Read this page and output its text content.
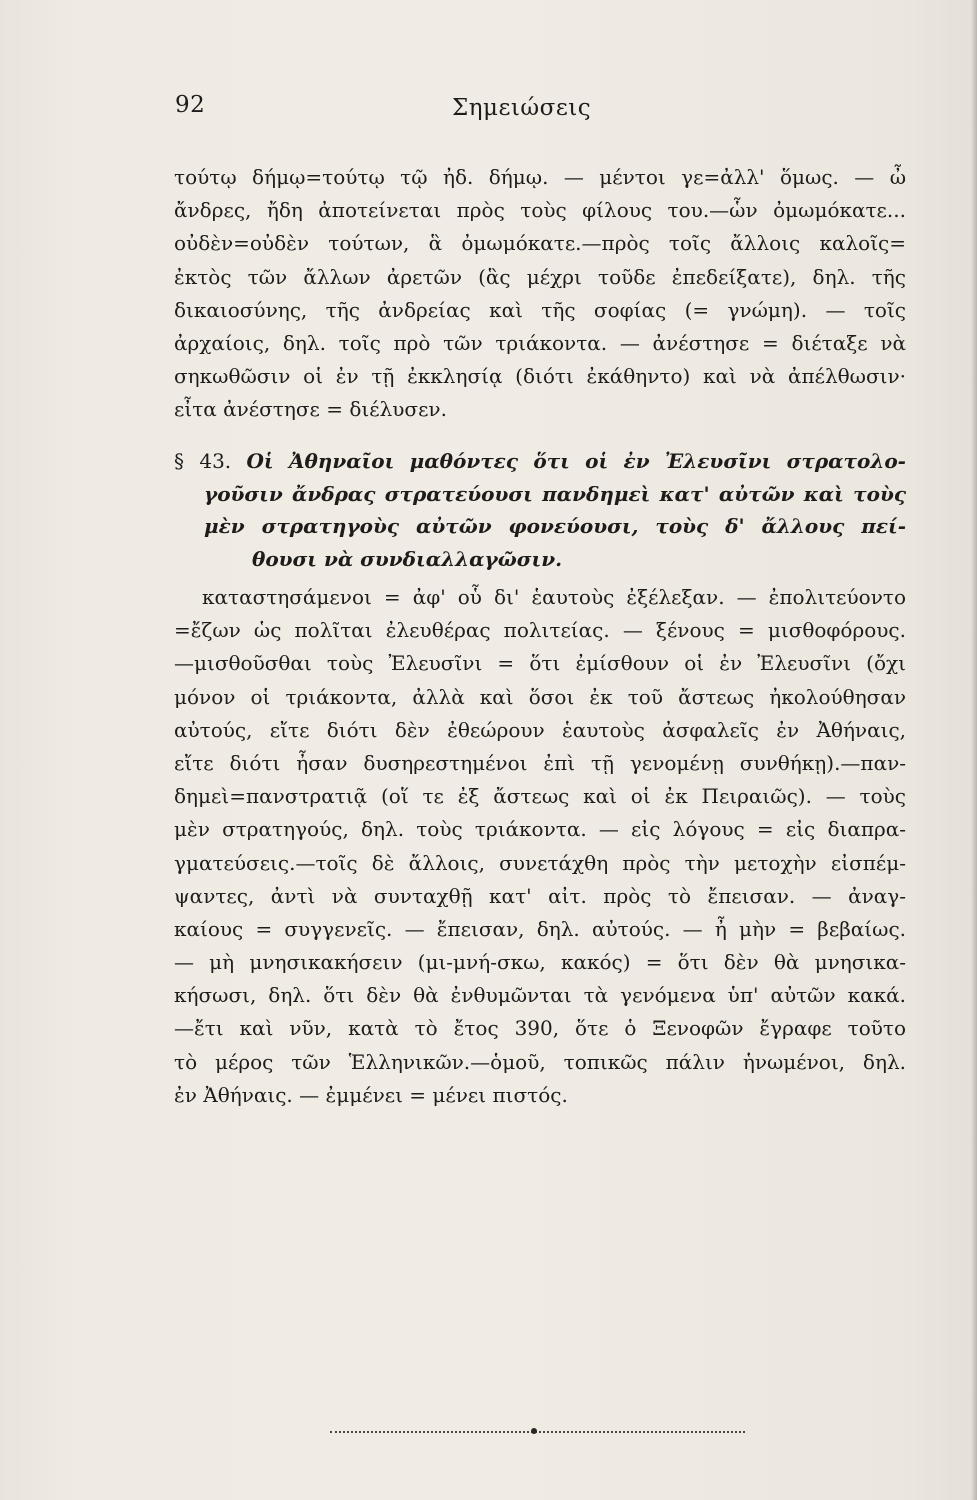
92	Σημειώσεις
τούτῳ δήμῳ=τούτῳ τῷ ἠδ. δήμῳ. — μέντοι γε=ἀλλ' ὅμως. — ὦ
ἄνδρες, ἤδη ἀποτείνεται πρὸς τοὺς φίλους του.—ὧν ὀμωμόκατε...
οὐδὲν=οὐδὲν τούτων, ἃ ὀμωμόκατε.—πρὸς τοῖς ἄλλοις καλοῖς=
ἐκτὸς τῶν ἄλλων ἀρετῶν (ἃς μέχρι τοῦδε ἐπεδείξατε), δηλ. τῆς
δικαιοσύνης, τῆς ἀνδρείας καὶ τῆς σοφίας (= γνώμη). — τοῖς
ἀρχαίοις, δηλ. τοῖς πρὸ τῶν τριάκοντα. — ἀνέστησε = διέταξε νὰ
σηκωθῶσιν οἱ ἐν τῇ ἐκκλησίᾳ (διότι ἐκάθηντο) καὶ νὰ ἀπέλθωσιν·
εἶτα ἀνέστησε = διέλυσεν.
§ 43. Οἱ Ἀθηναῖοι μαθόντες ὅτι οἱ ἐν Ἐλευσῖνι στρατολο-
γοῦσιν ἄνδρας στρατεύουσι πανδημεὶ κατ' αὐτῶν καὶ τοὺς
μὲν στρατηγοὺς αὐτῶν φονεύουσι, τοὺς δ' ἄλλους πεί-
θουσι νὰ συνδιαλλαγῶσιν.
καταστησάμενοι = ἀφ' οὗ δι' ἑαυτοὺς ἐξέλεξαν. — ἐπολιτεύοντο
=ἔζων ὡς πολῖται ἐλευθέρας πολιτείας. — ξένους = μισθοφόρους.
—μισθοῦσθαι τοὺς Ἐλευσῖνι = ὅτι ἐμίσθουν οἱ ἐν Ἐλευσῖνι (ὄχι
μόνον οἱ τριάκοντα, ἀλλὰ καὶ ὅσοι ἐκ τοῦ ἄστεως ἠκολούθησαν
αὐτούς, εἴτε διότι δὲν ἐθεώρουν ἑαυτοὺς ἀσφαλεῖς ἐν Ἀθήναις,
εἴτε διότι ἦσαν δυσηρεστημένοι ἐπὶ τῇ γενομένῃ συνθήκῃ).—παν-
δημεὶ=πανστρατιᾷ (οἵ τε ἐξ ἄστεως καὶ οἱ ἐκ Πειραιῶς). — τοὺς
μὲν στρατηγούς, δηλ. τοὺς τριάκοντα. — εἰς λόγους = εἰς διαπρα-
γματεύσεις.—τοῖς δὲ ἄλλοις, συνετάχθη πρὸς τὴν μετοχὴν εἰσπέμ-
ψαντες, ἀντὶ νὰ συνταχθῇ κατ' αἰτ. πρὸς τὸ ἔπεισαν. — ἀναγ-
καίους = συγγενεῖς. — ἔπεισαν, δηλ. αὐτούς. — ἦ μὴν = βεβαίως.
— μὴ μνησικακήσειν (μι-μνή-σκω, κακός) = ὅτι δὲν θὰ μνησικα-
κήσωσι, δηλ. ὅτι δὲν θὰ ἐνθυμῶνται τὰ γενόμενα ὑπ' αὐτῶν κακά.
—ἔτι καὶ νῦν, κατὰ τὸ ἔτος 390, ὅτε ὁ Ξενοφῶν ἔγραφε τοῦτο
τὸ μέρος τῶν Ἑλληνικῶν.—ὁμοῦ, τοπικῶς πάλιν ἡνωμένοι, δηλ.
ἐν Ἀθήναις. — ἐμμένει = μένει πιστός.
